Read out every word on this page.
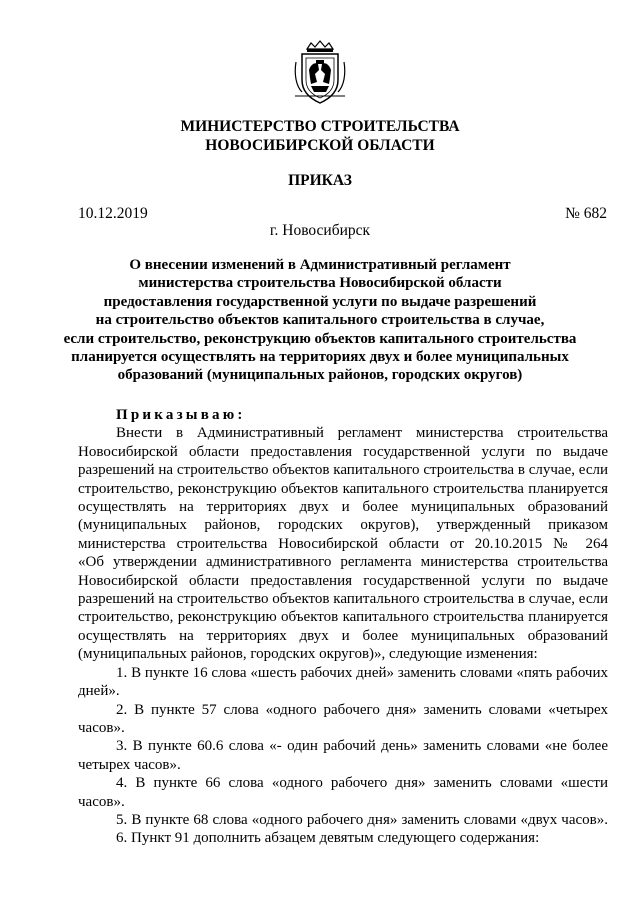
МИНИСТЕРСТВО СТРОИТЕЛЬСТВА
НОВОСИБИРСКОЙ ОБЛАСТИ
ПРИКАЗ
10.12.2019	№ 682
г. Новосибирск
О внесении изменений в Административный регламент
министерства строительства Новосибирской области
предоставления государственной услуги по выдаче разрешений
на строительство объектов капитального строительства в случае,
если строительство, реконструкцию объектов капитального строительства
планируется осуществлять на территориях двух и более муниципальных
образований (муниципальных районов, городских округов)
Приказываю:
Внести в Административный регламент министерства строительства
Новосибирской области предоставления государственной услуги по выдаче
разрешений на строительство объектов капитального строительства в случае, если
строительство, реконструкцию объектов капитального строительства планируется
осуществлять на территориях двух и более муниципальных образований
(муниципальных районов, городских округов), утвержденный приказом
министерства строительства Новосибирской области от 20.10.2015 № 264
«Об утверждении административного регламента министерства строительства
Новосибирской области предоставления государственной услуги по выдаче
разрешений на строительство объектов капитального строительства в случае, если
строительство, реконструкцию объектов капитального строительства планируется
осуществлять на территориях двух и более муниципальных образований
(муниципальных районов, городских округов)», следующие изменения:
1. В пункте 16 слова «шесть рабочих дней» заменить словами «пять рабочих
дней».
2. В пункте 57 слова «одного рабочего дня» заменить словами «четырех
часов».
3. В пункте 60.6 слова «- один рабочий день» заменить словами «не более
четырех часов».
4. В пункте 66 слова «одного рабочего дня» заменить словами «шести
часов».
5. В пункте 68 слова «одного рабочего дня» заменить словами «двух часов».
6. Пункт 91 дополнить абзацем девятым следующего содержания:
